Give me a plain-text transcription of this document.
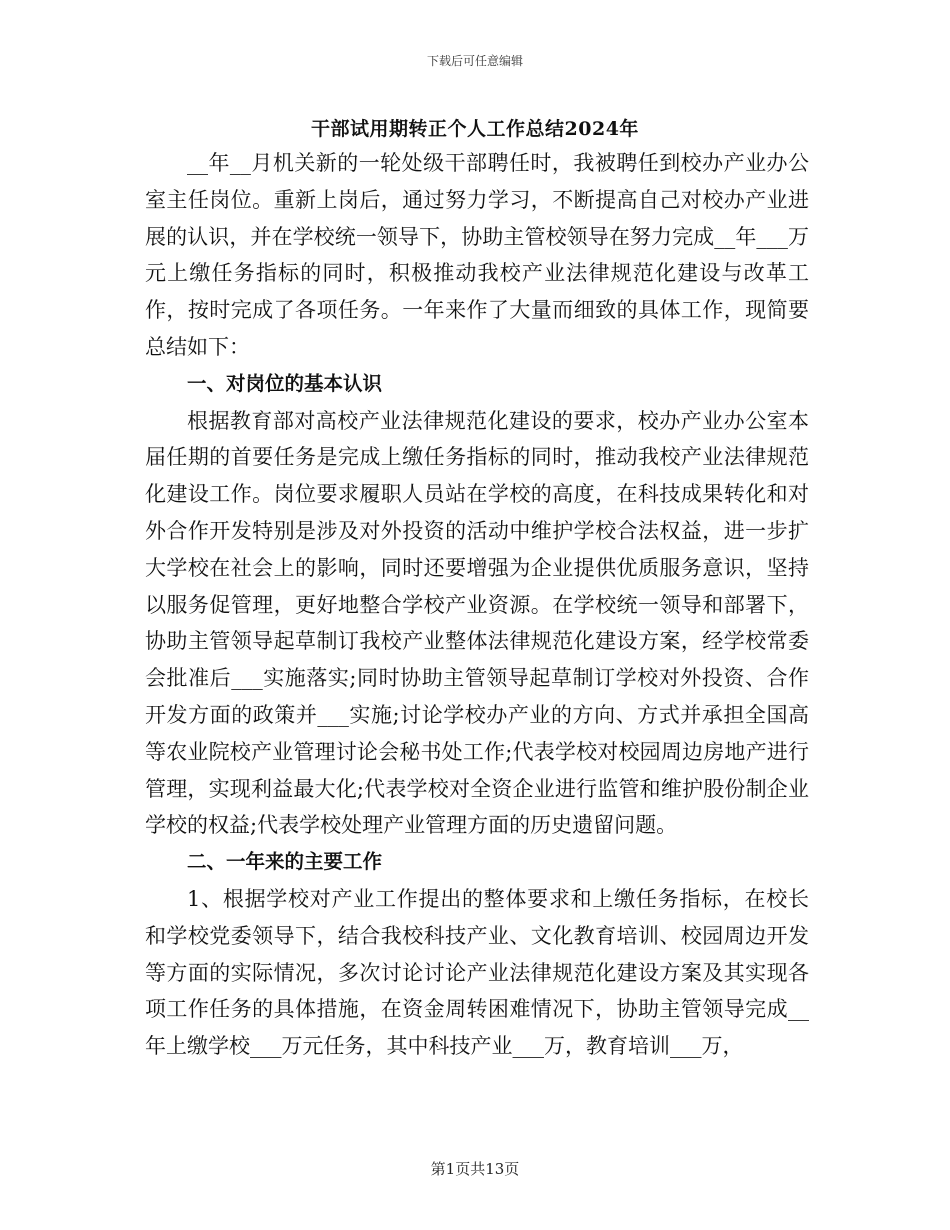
下载后可任意编辑
干部试用期转正个人工作总结2024年

__年__月机关新的一轮处级干部聘任时，我被聘任到校办产业办公室主任岗位。重新上岗后，通过努力学习，不断提高自己对校办产业进展的认识，并在学校统一领导下，协助主管校领导在努力完成__年___万元上缴任务指标的同时，积极推动我校产业法律规范化建设与改革工作，按时完成了各项任务。一年来作了大量而细致的具体工作，现简要总结如下：

一、对岗位的基本认识

根据教育部对高校产业法律规范化建设的要求，校办产业办公室本届任期的首要任务是完成上缴任务指标的同时，推动我校产业法律规范化建设工作。岗位要求履职人员站在学校的高度，在科技成果转化和对外合作开发特别是涉及对外投资的活动中维护学校合法权益，进一步扩大学校在社会上的影响，同时还要增强为企业提供优质服务意识，坚持以服务促管理，更好地整合学校产业资源。在学校统一领导和部署下，协助主管领导起草制订我校产业整体法律规范化建设方案，经学校常委会批准后___实施落实;同时协助主管领导起草制订学校对外投资、合作开发方面的政策并___实施;讨论学校办产业的方向、方式并承担全国高等农业院校产业管理讨论会秘书处工作;代表学校对校园周边房地产进行管理，实现利益最大化;代表学校对全资企业进行监管和维护股份制企业学校的权益;代表学校处理产业管理方面的历史遗留问题。

二、一年来的主要工作

1、根据学校对产业工作提出的整体要求和上缴任务指标，在校长和学校党委领导下，结合我校科技产业、文化教育培训、校园周边开发等方面的实际情况，多次讨论讨论产业法律规范化建设方案及其实现各项工作任务的具体措施，在资金周转困难情况下，协助主管领导完成__年上缴学校___万元任务，其中科技产业___万，教育培训___万，

第1页共13页
